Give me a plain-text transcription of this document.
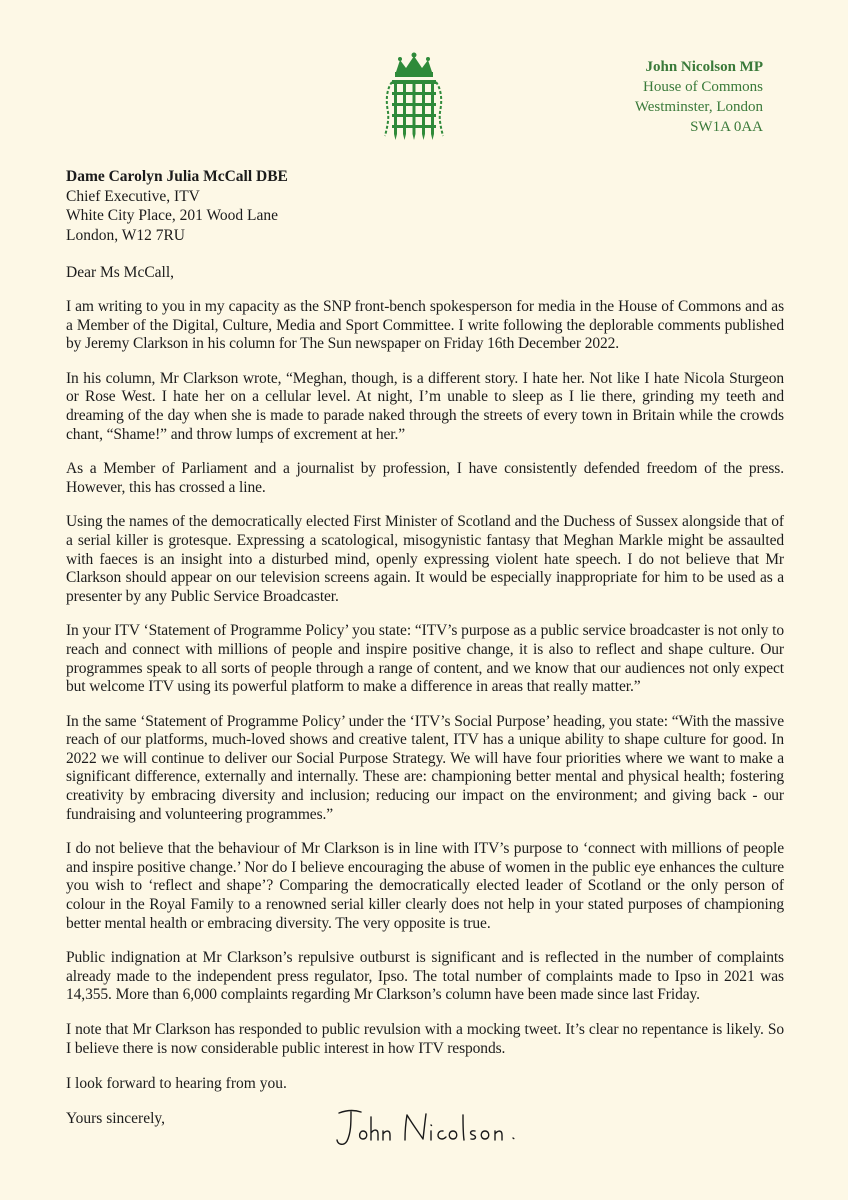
John Nicolson MP
House of Commons
Westminster, London
SW1A 0AA
Dame Carolyn Julia McCall DBE
Chief Executive, ITV
White City Place, 201 Wood Lane
London, W12 7RU

Dear Ms McCall,

I am writing to you in my capacity as the SNP front-bench spokesperson for media in the House of Commons and as a Member of the Digital, Culture, Media and Sport Committee. I write following the deplorable comments published by Jeremy Clarkson in his column for The Sun newspaper on Friday 16th December 2022.

In his column, Mr Clarkson wrote, “Meghan, though, is a different story. I hate her. Not like I hate Nicola Sturgeon or Rose West. I hate her on a cellular level. At night, I’m unable to sleep as I lie there, grinding my teeth and dreaming of the day when she is made to parade naked through the streets of every town in Britain while the crowds chant, “Shame!” and throw lumps of excrement at her.”

As a Member of Parliament and a journalist by profession, I have consistently defended freedom of the press. However, this has crossed a line.

Using the names of the democratically elected First Minister of Scotland and the Duchess of Sussex alongside that of a serial killer is grotesque. Expressing a scatological, misogynistic fantasy that Meghan Markle might be assaulted with faeces is an insight into a disturbed mind, openly expressing violent hate speech. I do not believe that Mr Clarkson should appear on our television screens again. It would be especially inappropriate for him to be used as a presenter by any Public Service Broadcaster.

In your ITV ‘Statement of Programme Policy’ you state: “ITV’s purpose as a public service broadcaster is not only to reach and connect with millions of people and inspire positive change, it is also to reflect and shape culture. Our programmes speak to all sorts of people through a range of content, and we know that our audiences not only expect but welcome ITV using its powerful platform to make a difference in areas that really matter.”

In the same ‘Statement of Programme Policy’ under the ‘ITV’s Social Purpose’ heading, you state: “With the massive reach of our platforms, much-loved shows and creative talent, ITV has a unique ability to shape culture for good. In 2022 we will continue to deliver our Social Purpose Strategy. We will have four priorities where we want to make a significant difference, externally and internally. These are: championing better mental and physical health; fostering creativity by embracing diversity and inclusion; reducing our impact on the environment; and giving back - our fundraising and volunteering programmes.”

I do not believe that the behaviour of Mr Clarkson is in line with ITV’s purpose to ‘connect with millions of people and inspire positive change.’ Nor do I believe encouraging the abuse of women in the public eye enhances the culture you wish to ‘reflect and shape’? Comparing the democratically elected leader of Scotland or the only person of colour in the Royal Family to a renowned serial killer clearly does not help in your stated purposes of championing better mental health or embracing diversity. The very opposite is true.

Public indignation at Mr Clarkson’s repulsive outburst is significant and is reflected in the number of complaints already made to the independent press regulator, Ipso. The total number of complaints made to Ipso in 2021 was 14,355. More than 6,000 complaints regarding Mr Clarkson’s column have been made since last Friday.

I note that Mr Clarkson has responded to public revulsion with a mocking tweet. It’s clear no repentance is likely. So I believe there is now considerable public interest in how ITV responds.

I look forward to hearing from you.

Yours sincerely,
